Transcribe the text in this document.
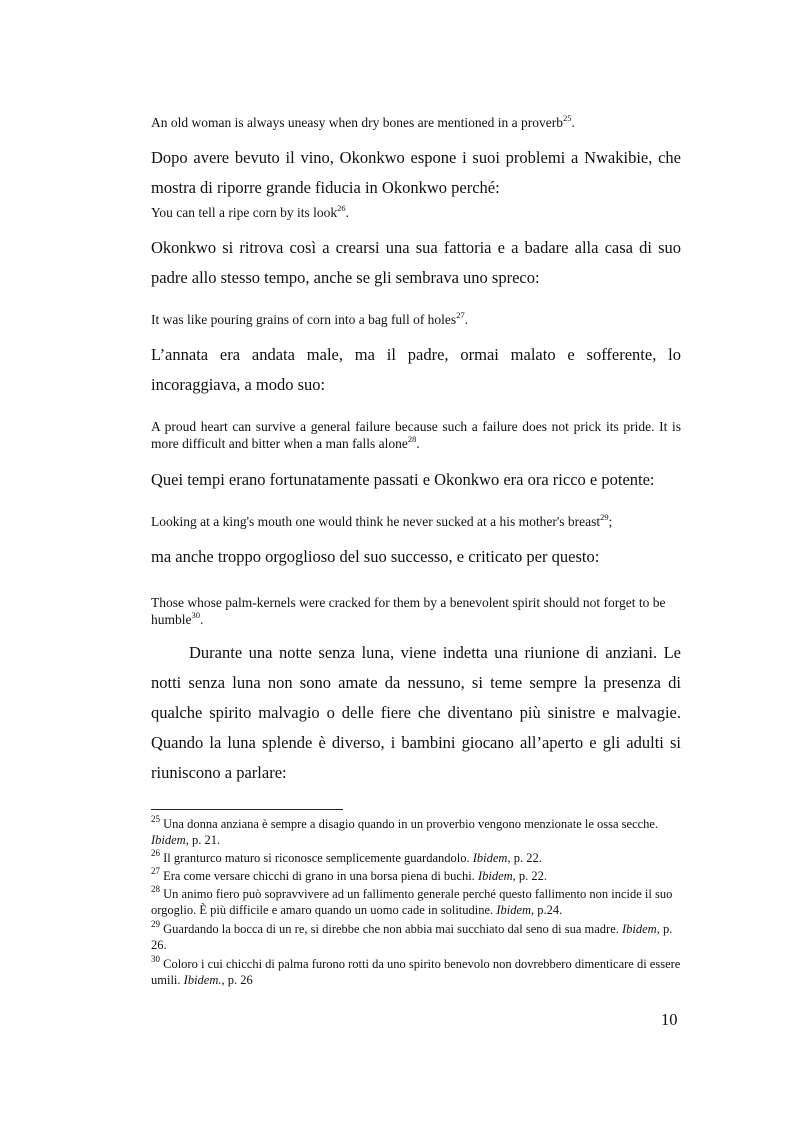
An old woman is always uneasy when dry bones are mentioned in a proverb$^{25}$.

Dopo avere bevuto il vino, Okonkwo espone i suoi problemi a Nwakibie, che mostra di riporre grande fiducia in Okonkwo perché:

You can tell a ripe corn by its look$^{26}$.

Okonkwo si ritrova così a crearsi una sua fattoria e a badare alla casa di suo padre allo stesso tempo, anche se gli sembrava uno spreco:

It was like pouring grains of corn into a bag full of holes$^{27}$.

L’annata era andata male, ma il padre, ormai malato e sofferente, lo incoraggiava, a modo suo:

A proud heart can survive a general failure because such a failure does not prick its pride. It is more difficult and bitter when a man falls alone$^{28}$.

Quei tempi erano fortunatamente passati e Okonkwo era ora ricco e potente:

Looking at a king's mouth one would think he never sucked at a his mother's breast$^{29}$;

ma anche troppo orgoglioso del suo successo, e criticato per questo:

Those whose palm-kernels were cracked for them by a benevolent spirit should not forget to be humble$^{30}$.

Durante una notte senza luna, viene indetta una riunione di anziani. Le notti senza luna non sono amate da nessuno, si teme sempre la presenza di qualche spirito malvagio o delle fiere che diventano più sinistre e malvagie. Quando la luna splende è diverso, i bambini giocano all’aperto e gli adulti si riuniscono a parlare:

$^{25}$ Una donna anziana è sempre a disagio quando in un proverbio vengono menzionate le ossa secche. Ibidem, p. 21.

$^{26}$ Il granturco maturo si riconosce semplicemente guardandolo. Ibidem, p. 22.

$^{27}$ Era come versare chicchi di grano in una borsa piena di buchi. Ibidem, p. 22.

$^{28}$ Un animo fiero può sopravvivere ad un fallimento generale perché questo fallimento non incide il suo orgoglio. È più difficile e amaro quando un uomo cade in solitudine. Ibidem, p.24.

$^{29}$ Guardando la bocca di un re, si direbbe che non abbia mai succhiato dal seno di sua madre. Ibidem, p. 26.

$^{30}$ Coloro i cui chicchi di palma furono rotti da uno spirito benevolo non dovrebbero dimenticare di essere umili. Ibidem., p. 26

10
